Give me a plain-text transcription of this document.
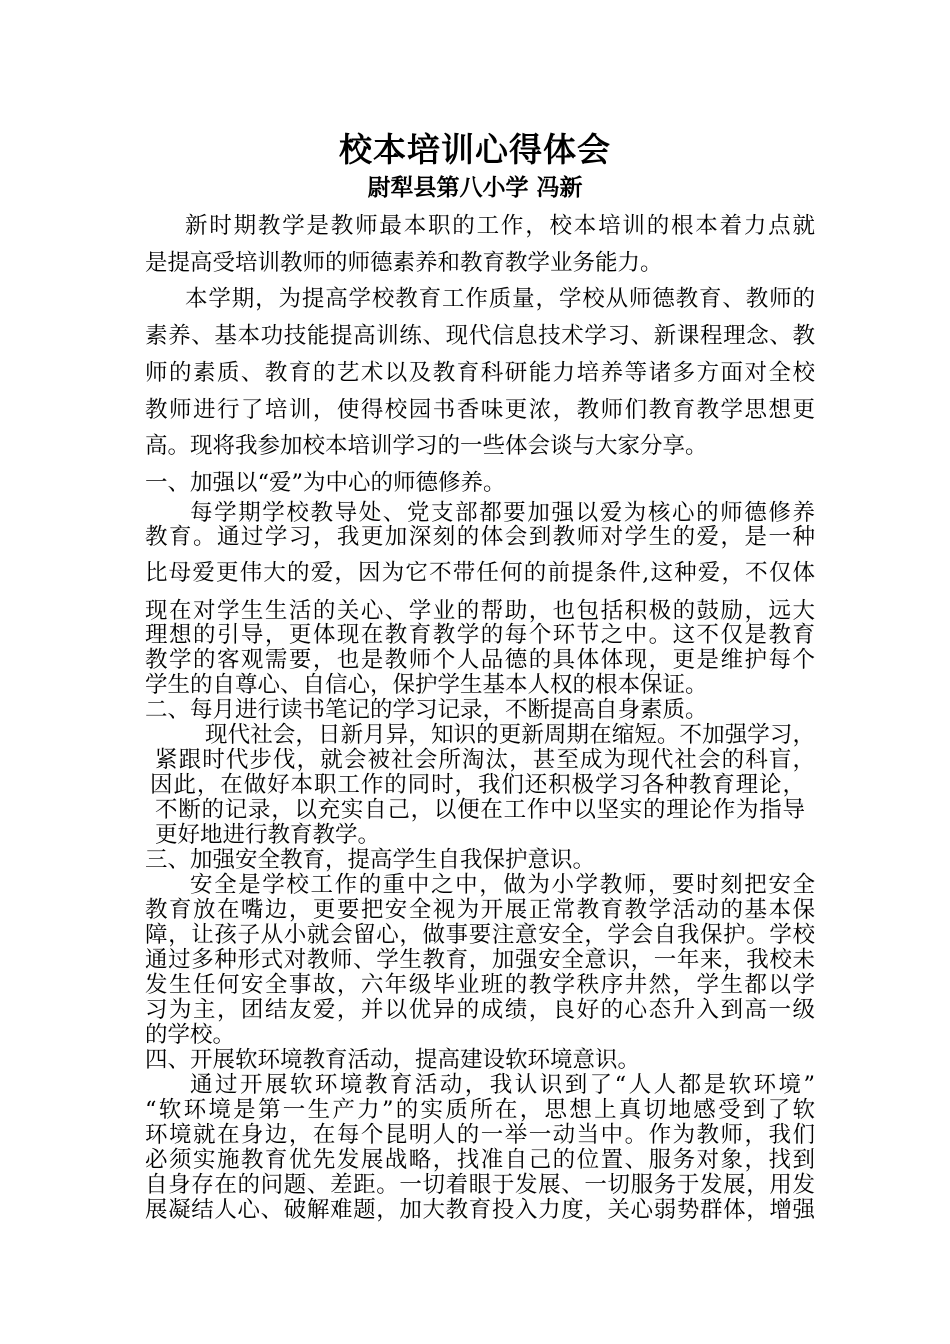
校本培训心得体会
尉犁县第八小学 冯新
新时期教学是教师最本职的工作，校本培训的根本着力点就
是提高受培训教师的师德素养和教育教学业务能力。
本学期，为提高学校教育工作质量，学校从师德教育、教师的
素养、基本功技能提高训练、现代信息技术学习、新课程理念、教
师的素质、教育的艺术以及教育科研能力培养等诸多方面对全校
教师进行了培训，使得校园书香味更浓，教师们教育教学思想更
高。现将我参加校本培训学习的一些体会谈与大家分享。
一、加强以“爱”为中心的师德修养。
每学期学校教导处、党支部都要加强以爱为核心的师德修养
教育。通过学习，我更加深刻的体会到教师对学生的爱，是一种
比母爱更伟大的爱，因为它不带任何的前提条件,这种爱，不仅体
现在对学生生活的关心、学业的帮助，也包括积极的鼓励，远大
理想的引导，更体现在教育教学的每个环节之中。这不仅是教育
教学的客观需要，也是教师个人品德的具体体现，更是维护每个
学生的自尊心、自信心，保护学生基本人权的根本保证。
二、每月进行读书笔记的学习记录，不断提高自身素质。
现代社会，日新月异，知识的更新周期在缩短。不加强学习，
紧跟时代步伐，就会被社会所淘汰，甚至成为现代社会的科盲，
因此，在做好本职工作的同时，我们还积极学习各种教育理论，
不断的记录，以充实自己，以便在工作中以坚实的理论作为指导
更好地进行教育教学。
三、加强安全教育，提高学生自我保护意识。
安全是学校工作的重中之中，做为小学教师，要时刻把安全
教育放在嘴边，更要把安全视为开展正常教育教学活动的基本保
障，让孩子从小就会留心，做事要注意安全，学会自我保护。学校
通过多种形式对教师、学生教育，加强安全意识，一年来，我校未
发生任何安全事故，六年级毕业班的教学秩序井然，学生都以学
习为主，团结友爱，并以优异的成绩，良好的心态升入到高一级
的学校。
四、开展软环境教育活动，提高建设软环境意识。
通过开展软环境教育活动，我认识到了“人人都是软环境”
“软环境是第一生产力”的实质所在，思想上真切地感受到了软
环境就在身边，在每个昆明人的一举一动当中。作为教师，我们
必须实施教育优先发展战略，找准自己的位置、服务对象，找到
自身存在的问题、差距。一切着眼于发展、一切服务于发展，用发
展凝结人心、破解难题，加大教育投入力度，关心弱势群体，增强
